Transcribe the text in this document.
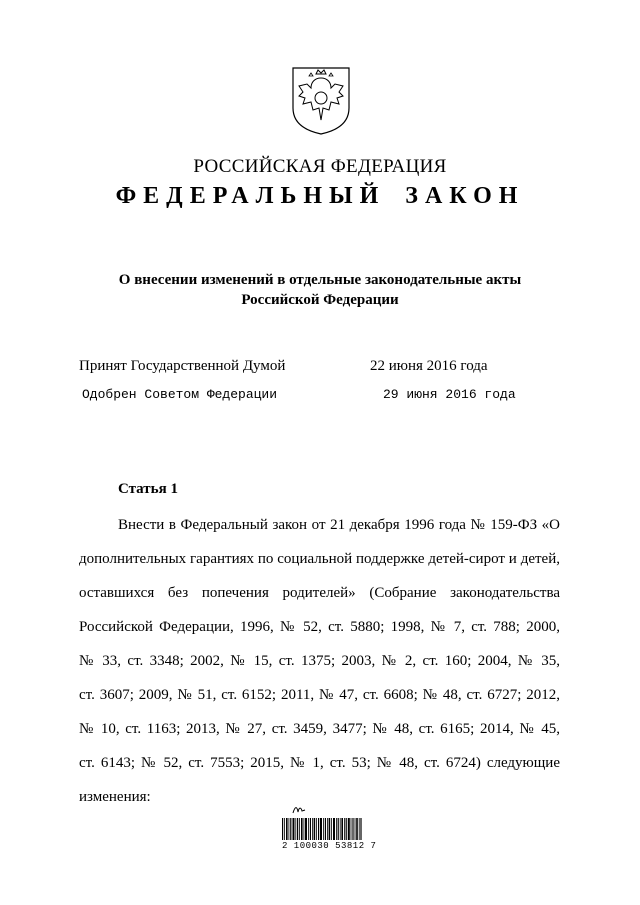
РОССИЙСКАЯ ФЕДЕРАЦИЯ
ФЕДЕРАЛЬНЫЙ ЗАКОН
О внесении изменений в отдельные законодательные акты
Российской Федерации
Принят Государственной Думой	22 июня 2016 года
Одобрен Советом Федерации	29 июня 2016 года
Статья 1
Внести в Федеральный закон от 21 декабря 1996 года № 159-ФЗ «О
дополнительных гарантиях по социальной поддержке детей-сирот и детей,
оставшихся без попечения родителей» (Собрание законодательства
Российской Федерации, 1996, № 52, ст. 5880; 1998, № 7, ст. 788; 2000,
№ 33, ст. 3348; 2002, № 15, ст. 1375; 2003, № 2, ст. 160; 2004, № 35,
ст. 3607; 2009, № 51, ст. 6152; 2011, № 47, ст. 6608; № 48, ст. 6727; 2012,
№ 10, ст. 1163; 2013, № 27, ст. 3459, 3477; № 48, ст. 6165; 2014, № 45,
ст. 6143; № 52, ст. 7553; 2015, № 1, ст. 53; № 48, ст. 6724) следующие
изменения:
2 100030 53812 7
